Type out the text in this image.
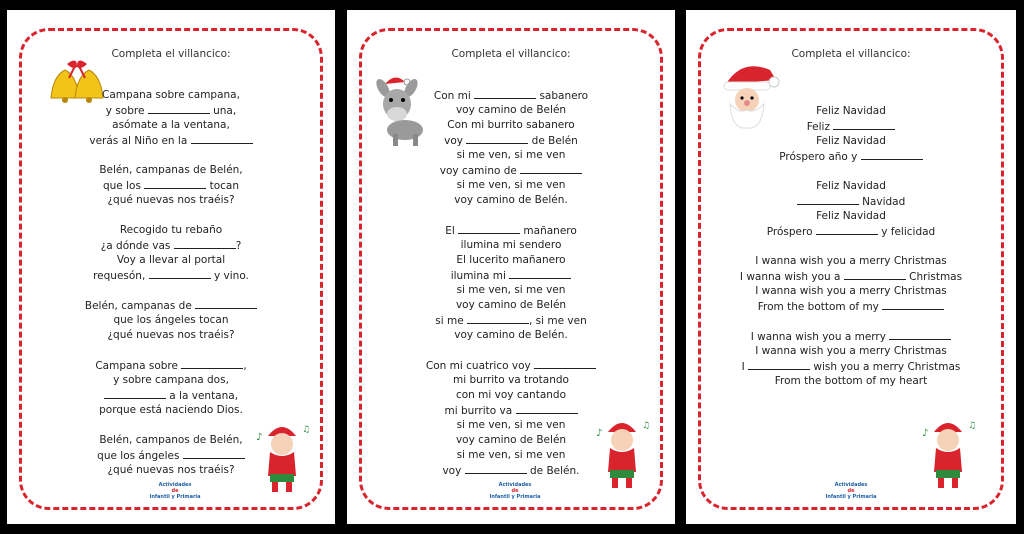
Completa el villancico:
Campana sobre campana,
y sobre	una,
asómate a la ventana,
verás al Niño en la
Belén, campanas de Belén,
que los	tocan
¿qué nuevas nos traéis?
Recogido tu rebaño
¿a dónde vas	?
Voy a llevar al portal
requesón,	y vino.
Belén, campanas de
que los ángeles tocan
¿qué nuevas nos traéis?
Campana sobre	,
y sobre campana dos,
a la ventana,
porque está naciendo Dios.
Belén, campanos de Belén,
que los ángeles
¿qué nuevas nos traéis?
♪
♫
Actividades
de
Infantil y Primaria
Completa el villancico:
Con mi	sabanero
voy camino de Belén
Con mi burrito sabanero
voy	de Belén
si me ven, si me ven
voy camino de
si me ven, si me ven
voy camino de Belén.
El	mañanero
ilumina mi sendero
El lucerito mañanero
ilumina mi
si me ven, si me ven
voy camino de Belén
si me	, si me ven
voy camino de Belén.
Con mi cuatrico voy
mi burrito va trotando
con mi voy cantando
mi burrito va
si me ven, si me ven
voy camino de Belén
si me ven, si me ven
voy	de Belén.
♪
♫
Actividades
de
Infantil y Primaria
Completa el villancico:
Feliz Navidad
Feliz
Feliz Navidad
Próspero año y
Feliz Navidad
Navidad
Feliz Navidad
Próspero	y felicidad
I wanna wish you a merry Christmas
I wanna wish you a	Christmas
I wanna wish you a merry Christmas
From the bottom of my
I wanna wish you a merry
I wanna wish you a merry Christmas
I	wish you a merry Christmas
From the bottom of my heart
♪
♫
Actividades
de
Infantil y Primaria
